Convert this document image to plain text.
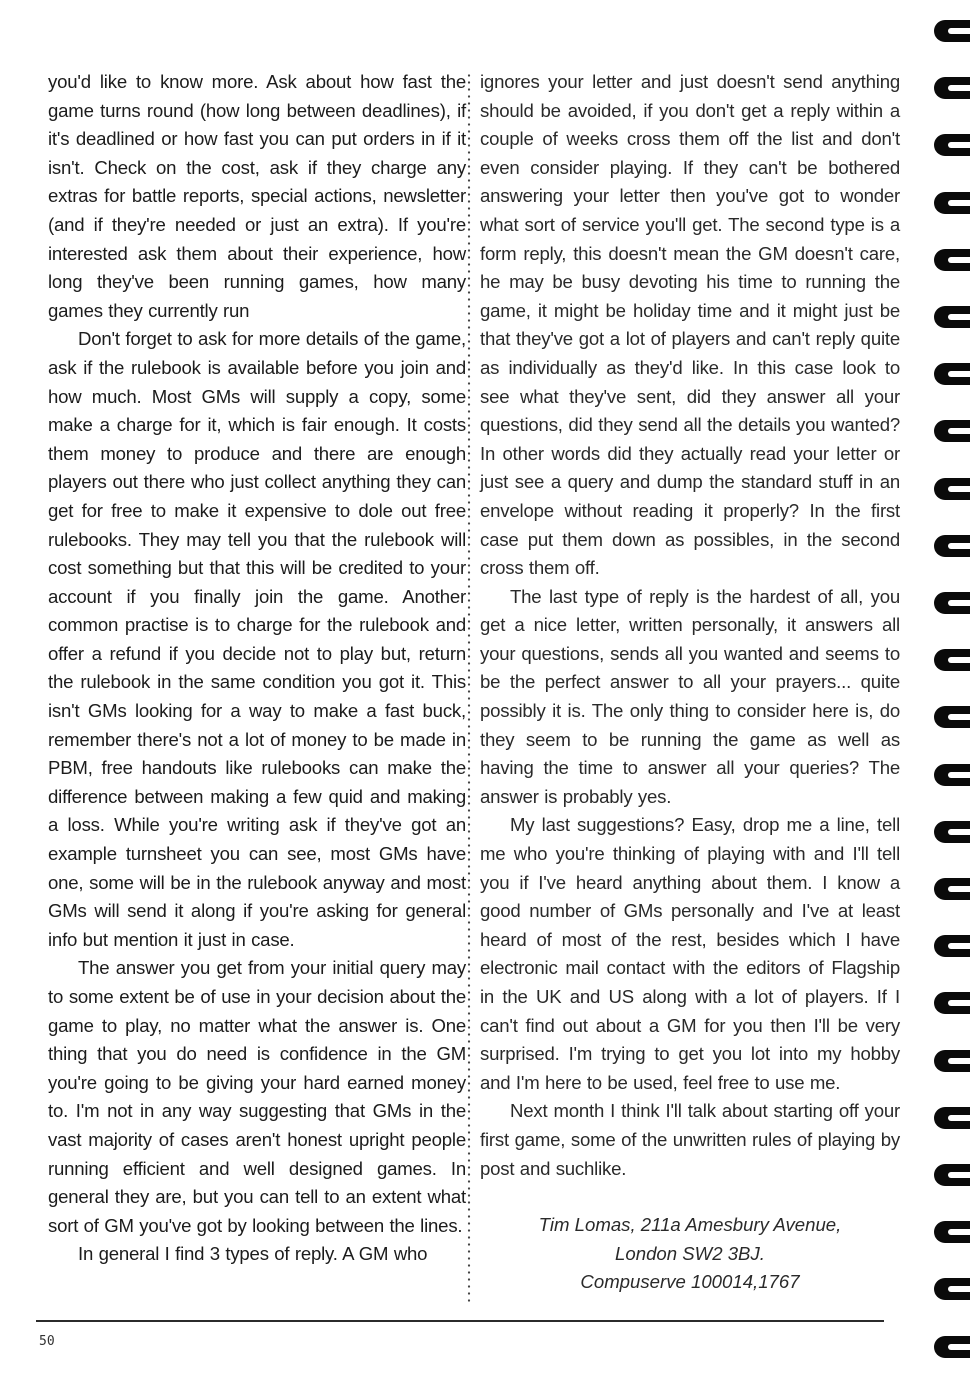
you'd like to know more. Ask about how fast the game turns round (how long between deadlines), if it's deadlined or how fast you can put orders in if it isn't. Check on the cost, ask if they charge any extras for battle reports, special actions, newsletter (and if they're needed or just an extra). If you're interested ask them about their experience, how long they've been running games, how many games they currently run

Don't forget to ask for more details of the game, ask if the rulebook is available before you join and how much. Most GMs will supply a copy, some make a charge for it, which is fair enough. It costs them money to produce and there are enough players out there who just collect anything they can get for free to make it expensive to dole out free rulebooks. They may tell you that the rulebook will cost something but that this will be credited to your account if you finally join the game. Another common practise is to charge for the rulebook and offer a refund if you decide not to play but, return the rulebook in the same condition you got it. This isn't GMs looking for a way to make a fast buck, remember there's not a lot of money to be made in PBM, free handouts like rulebooks can make the difference between making a few quid and making a loss. While you're writing ask if they've got an example turnsheet you can see, most GMs have one, some will be in the rulebook anyway and most GMs will send it along if you're asking for general info but mention it just in case.

The answer you get from your initial query may to some extent be of use in your decision about the game to play, no matter what the answer is. One thing that you do need is confidence in the GM you're going to be giving your hard earned money to. I'm not in any way suggesting that GMs in the vast majority of cases aren't honest upright people running efficient and well designed games. In general they are, but you can tell to an extent what sort of GM you've got by looking between the lines.

In general I find 3 types of reply. A GM who

ignores your letter and just doesn't send anything should be avoided, if you don't get a reply within a couple of weeks cross them off the list and don't even consider playing. If they can't be bothered answering your letter then you've got to wonder what sort of service you'll get. The second type is a form reply, this doesn't mean the GM doesn't care, he may be busy devoting his time to running the game, it might be holiday time and it might just be that they've got a lot of players and can't reply quite as individually as they'd like. In this case look to see what they've sent, did they answer all your questions, did they send all the details you wanted? In other words did they actually read your letter or just see a query and dump the standard stuff in an envelope without reading it properly? In the first case put them down as possibles, in the second cross them off.

The last type of reply is the hardest of all, you get a nice letter, written personally, it answers all your questions, sends all you wanted and seems to be the perfect answer to all your prayers... quite possibly it is. The only thing to consider here is, do they seem to be running the game as well as having the time to answer all your queries? The answer is probably yes.

My last suggestions? Easy, drop me a line, tell me who you're thinking of playing with and I'll tell you if I've heard anything about them. I know a good number of GMs personally and I've at least heard of most of the rest, besides which I have electronic mail contact with the editors of Flagship in the UK and US along with a lot of players. If I can't find out about a GM for you then I'll be very surprised. I'm trying to get you lot into my hobby and I'm here to be used, feel free to use me.

Next month I think I'll talk about starting off your first game, some of the unwritten rules of playing by post and suchlike.

Tim Lomas, 211a Amesbury Avenue,
London SW2 3BJ.
Compuserve 100014,1767
50
